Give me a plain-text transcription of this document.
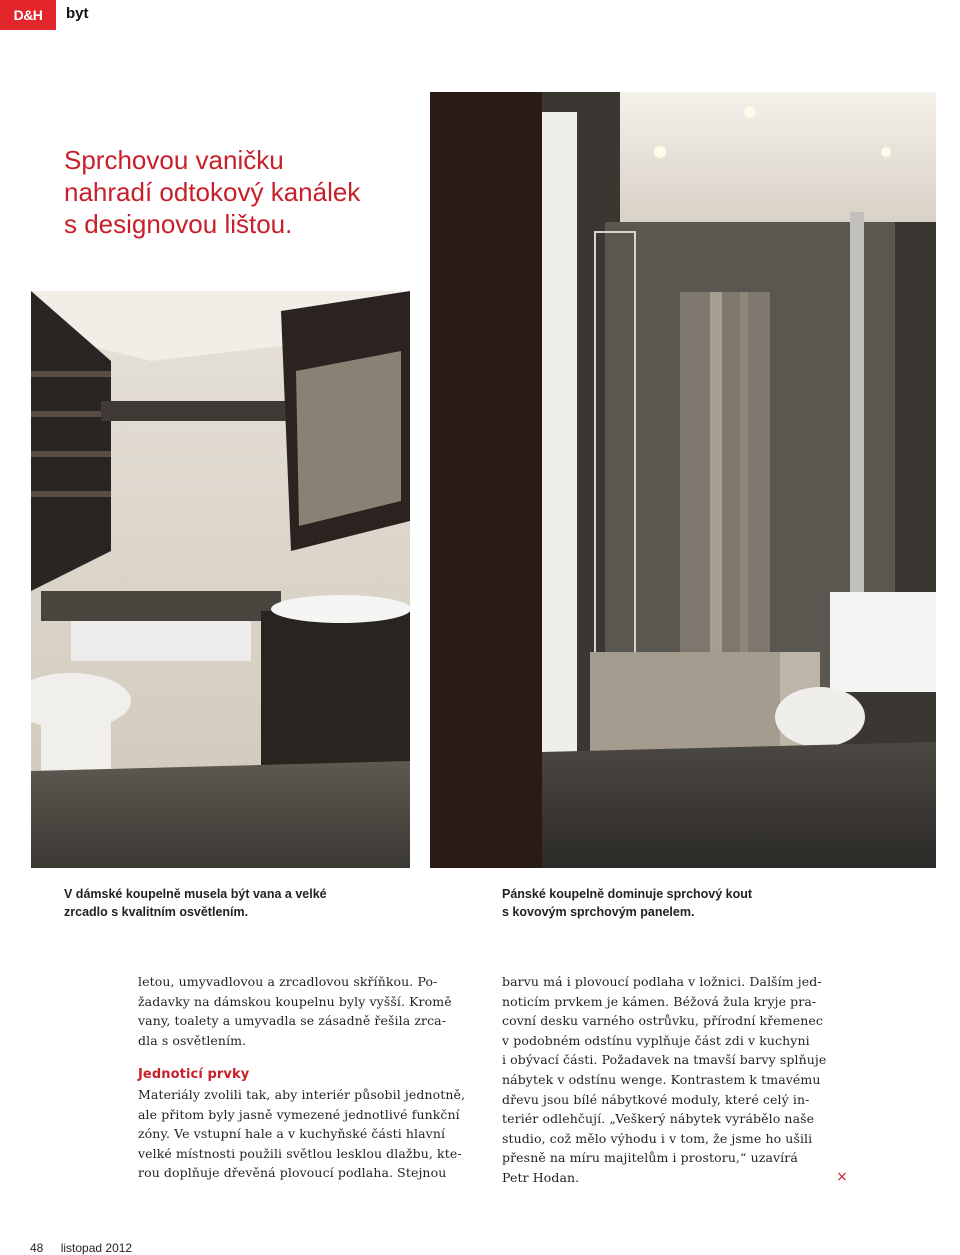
D&H	byt
Sprchovou vaničku
nahradí odtokový kanálek
s designovou lištou.
V dámské koupelně musela být vana a velké
zrcadlo s kvalitním osvětlením.
Pánské koupelně dominuje sprchový kout
s kovovým sprchovým panelem.
letou, umyvadlovou a zrcadlovou skříňkou. Po-
žadavky na dámskou koupelnu byly vyšší. Kromě
vany, toalety a umyvadla se zásadně řešila zrca-
dla s osvětlením.
Jednoticí prvky
Materiály zvolili tak, aby interiér působil jednotně,
ale přitom byly jasně vymezené jednotlivé funkční
zóny. Ve vstupní hale a v kuchyňské části hlavní
velké místnosti použili světlou lesklou dlažbu, kte-
rou doplňuje dřevěná plovoucí podlaha. Stejnou
barvu má i plovoucí podlaha v ložnici. Dalším jed-
noticím prvkem je kámen. Béžová žula kryje pra-
covní desku varného ostrůvku, přírodní křemenec
v podobném odstínu vyplňuje část zdi v kuchyni
i obývací části. Požadavek na tmavší barvy splňuje
nábytek v odstínu wenge. Kontrastem k tmavému
dřevu jsou bílé nábytkové moduly, které celý in-
teriér odlehčují. „Veškerý nábytek vyrábělo naše
studio, což mělo výhodu i v tom, že jsme ho ušili
přesně na míru majitelům i prostoru,“ uzavírá
Petr Hodan.	×
48 listopad 2012
